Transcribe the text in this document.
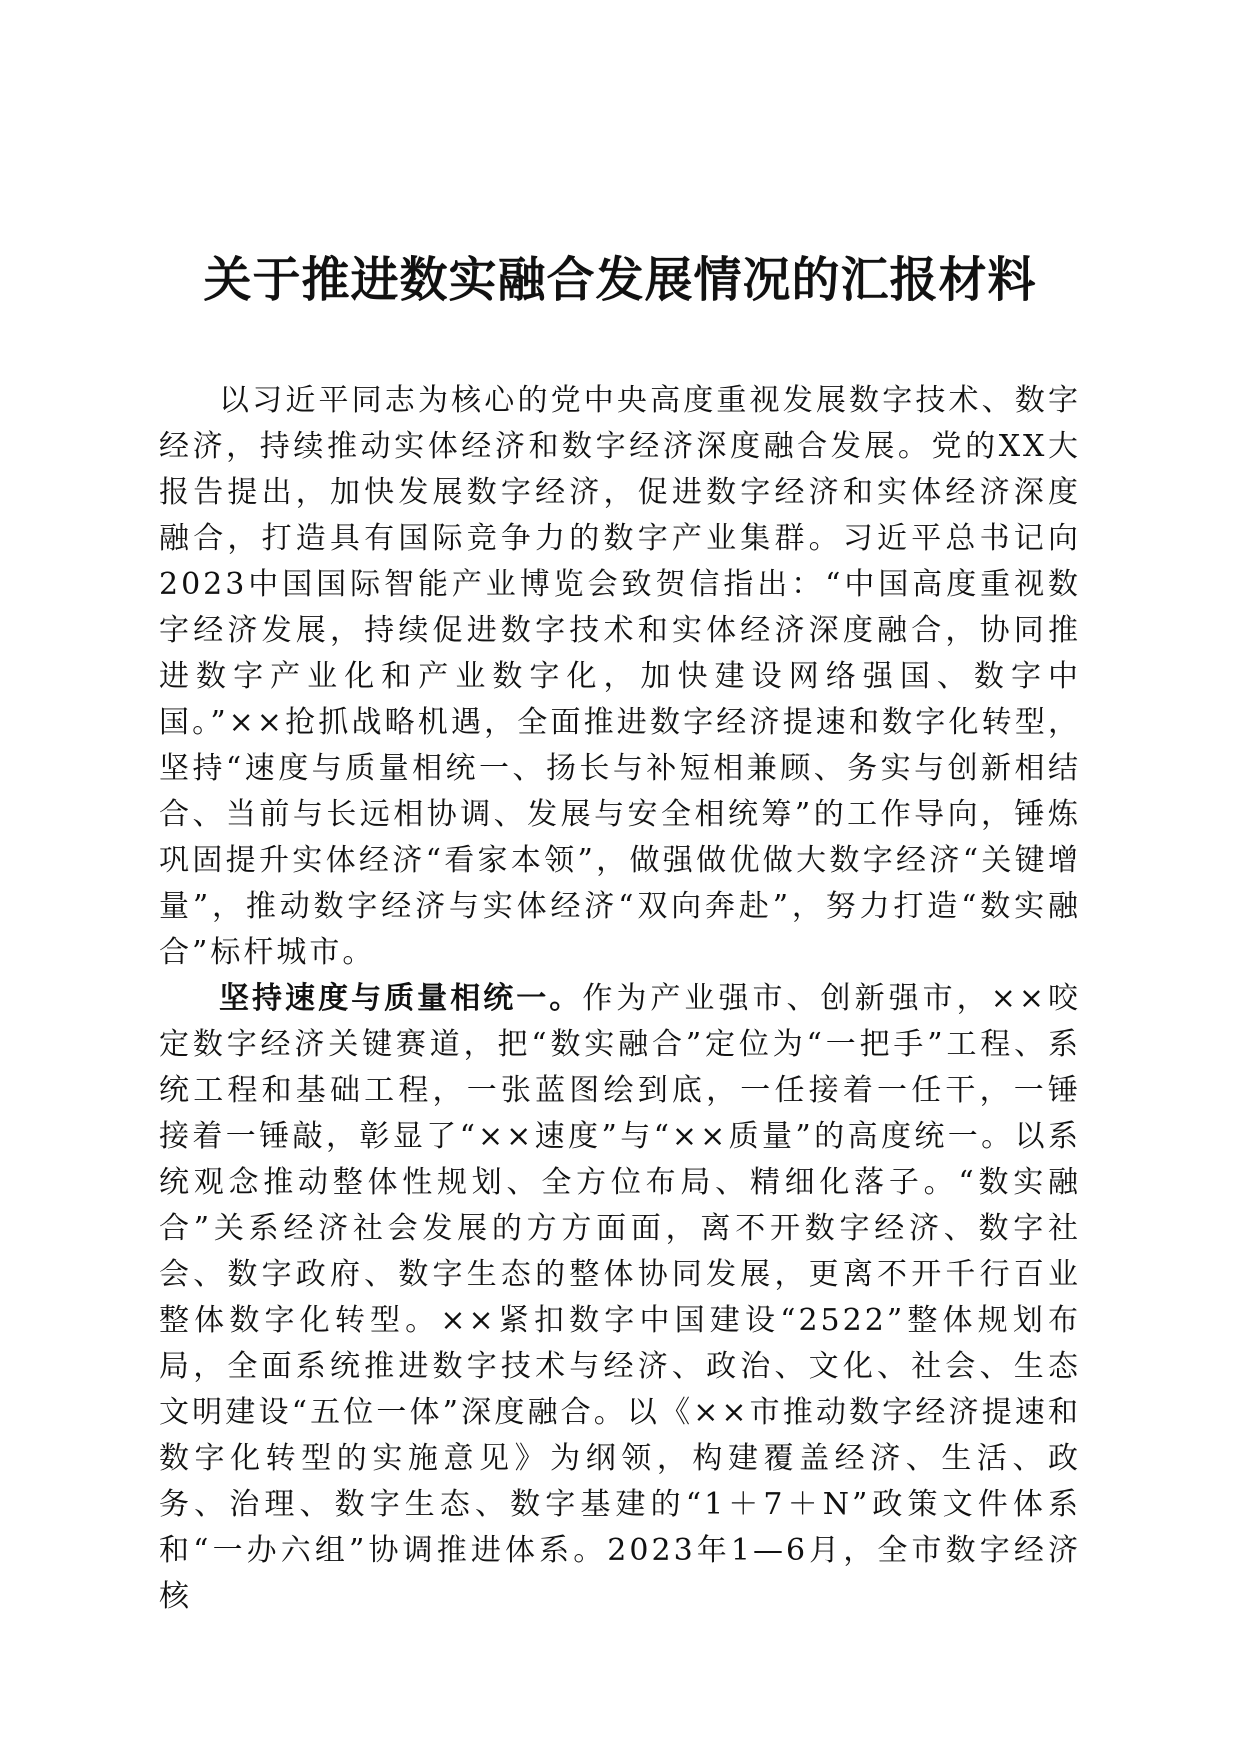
关于推进数实融合发展情况的汇报材料

以习近平同志为核心的党中央高度重视发展数字技术、数字经济，持续推动实体经济和数字经济深度融合发展。党的XX大报告提出，加快发展数字经济，促进数字经济和实体经济深度融合，打造具有国际竞争力的数字产业集群。习近平总书记向2023中国国际智能产业博览会致贺信指出：“中国高度重视数字经济发展，持续促进数字技术和实体经济深度融合，协同推进数字产业化和产业数字化，加快建设网络强国、数字中国。”××抢抓战略机遇，全面推进数字经济提速和数字化转型，坚持“速度与质量相统一、扬长与补短相兼顾、务实与创新相结合、当前与长远相协调、发展与安全相统筹”的工作导向，锤炼巩固提升实体经济“看家本领”，做强做优做大数字经济“关键增量”，推动数字经济与实体经济“双向奔赴”，努力打造“数实融合”标杆城市。

坚持速度与质量相统一。作为产业强市、创新强市，××咬定数字经济关键赛道，把“数实融合”定位为“一把手”工程、系统工程和基础工程，一张蓝图绘到底，一任接着一任干，一锤接着一锤敲，彰显了“××速度”与“××质量”的高度统一。以系统观念推动整体性规划、全方位布局、精细化落子。“数实融合”关系经济社会发展的方方面面，离不开数字经济、数字社会、数字政府、数字生态的整体协同发展，更离不开千行百业整体数字化转型。××紧扣数字中国建设“2522”整体规划布局，全面系统推进数字技术与经济、政治、文化、社会、生态文明建设“五位一体”深度融合。以《××市推动数字经济提速和数字化转型的实施意见》为纲领，构建覆盖经济、生活、政务、治理、数字生态、数字基建的“1＋7＋N”政策文件体系和“一办六组”协调推进体系。2023年1—6月，全市数字经济核
